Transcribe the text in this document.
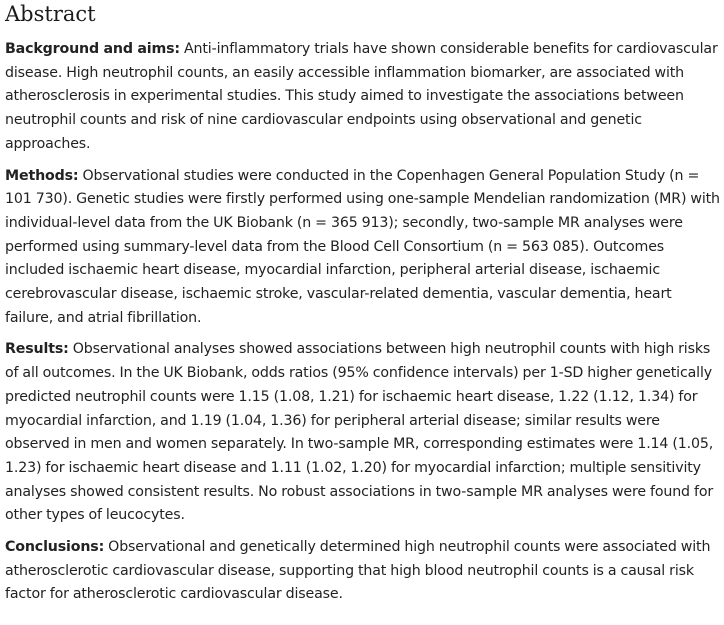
Abstract

Background and aims: Anti-inflammatory trials have shown considerable benefits for cardiovascular disease. High neutrophil counts, an easily accessible inflammation biomarker, are associated with atherosclerosis in experimental studies. This study aimed to investigate the associations between neutrophil counts and risk of nine cardiovascular endpoints using observational and genetic approaches.

Methods: Observational studies were conducted in the Copenhagen General Population Study (n = 101 730). Genetic studies were firstly performed using one-sample Mendelian randomization (MR) with individual-level data from the UK Biobank (n = 365 913); secondly, two-sample MR analyses were performed using summary-level data from the Blood Cell Consortium (n = 563 085). Outcomes included ischaemic heart disease, myocardial infarction, peripheral arterial disease, ischaemic cerebrovascular disease, ischaemic stroke, vascular-related dementia, vascular dementia, heart failure, and atrial fibrillation.

Results: Observational analyses showed associations between high neutrophil counts with high risks of all outcomes. In the UK Biobank, odds ratios (95% confidence intervals) per 1-SD higher genetically predicted neutrophil counts were 1.15 (1.08, 1.21) for ischaemic heart disease, 1.22 (1.12, 1.34) for myocardial infarction, and 1.19 (1.04, 1.36) for peripheral arterial disease; similar results were observed in men and women separately. In two-sample MR, corresponding estimates were 1.14 (1.05, 1.23) for ischaemic heart disease and 1.11 (1.02, 1.20) for myocardial infarction; multiple sensitivity analyses showed consistent results. No robust associations in two-sample MR analyses were found for other types of leucocytes.

Conclusions: Observational and genetically determined high neutrophil counts were associated with atherosclerotic cardiovascular disease, supporting that high blood neutrophil counts is a causal risk factor for atherosclerotic cardiovascular disease.
